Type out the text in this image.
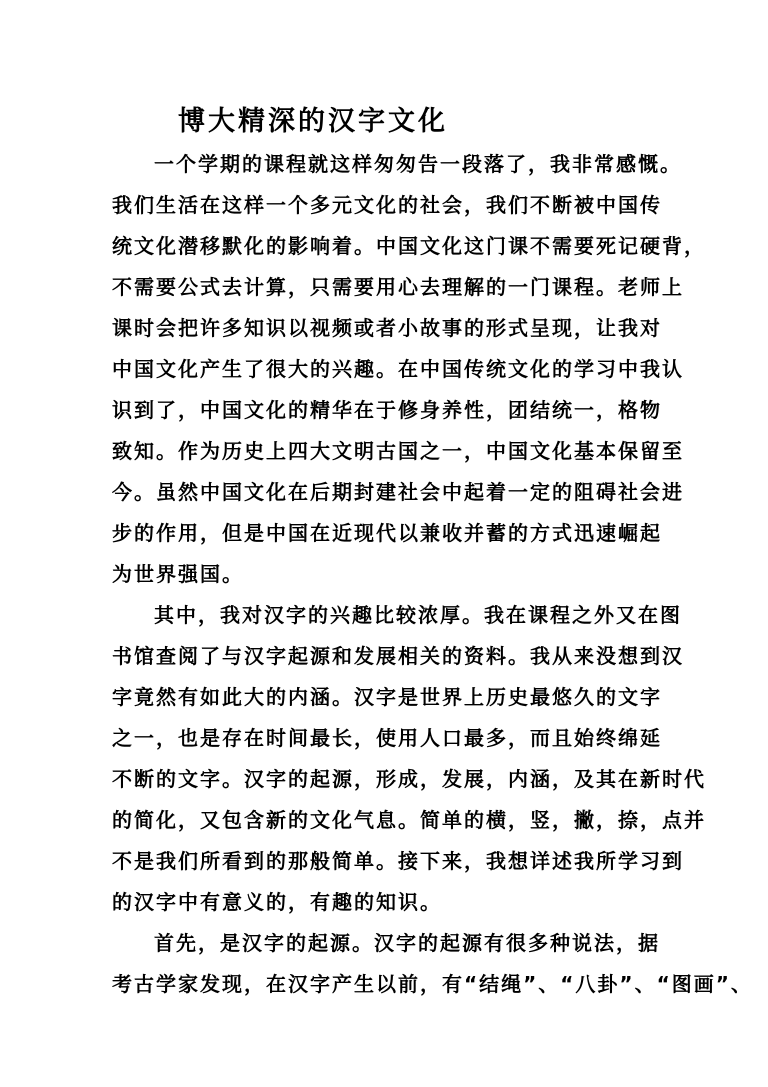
博大精深的汉字文化
一个学期的课程就这样匆匆告一段落了，我非常感慨。
我们生活在这样一个多元文化的社会，我们不断被中国传
统文化潜移默化的影响着。中国文化这门课不需要死记硬背，
不需要公式去计算，只需要用心去理解的一门课程。老师上
课时会把许多知识以视频或者小故事的形式呈现，让我对
中国文化产生了很大的兴趣。在中国传统文化的学习中我认
识到了，中国文化的精华在于修身养性，团结统一，格物
致知。作为历史上四大文明古国之一，中国文化基本保留至
今。虽然中国文化在后期封建社会中起着一定的阻碍社会进
步的作用，但是中国在近现代以兼收并蓄的方式迅速崛起
为世界强国。
其中，我对汉字的兴趣比较浓厚。我在课程之外又在图
书馆查阅了与汉字起源和发展相关的资料。我从来没想到汉
字竟然有如此大的内涵。汉字是世界上历史最悠久的文字
之一，也是存在时间最长，使用人口最多，而且始终绵延
不断的文字。汉字的起源，形成，发展，内涵，及其在新时代
的简化，又包含新的文化气息。简单的横，竖，撇，捺，点并
不是我们所看到的那般简单。接下来，我想详述我所学习到
的汉字中有意义的，有趣的知识。
首先，是汉字的起源。汉字的起源有很多种说法，据
考古学家发现，在汉字产生以前，有“结绳”、“八卦”、“图画”、
